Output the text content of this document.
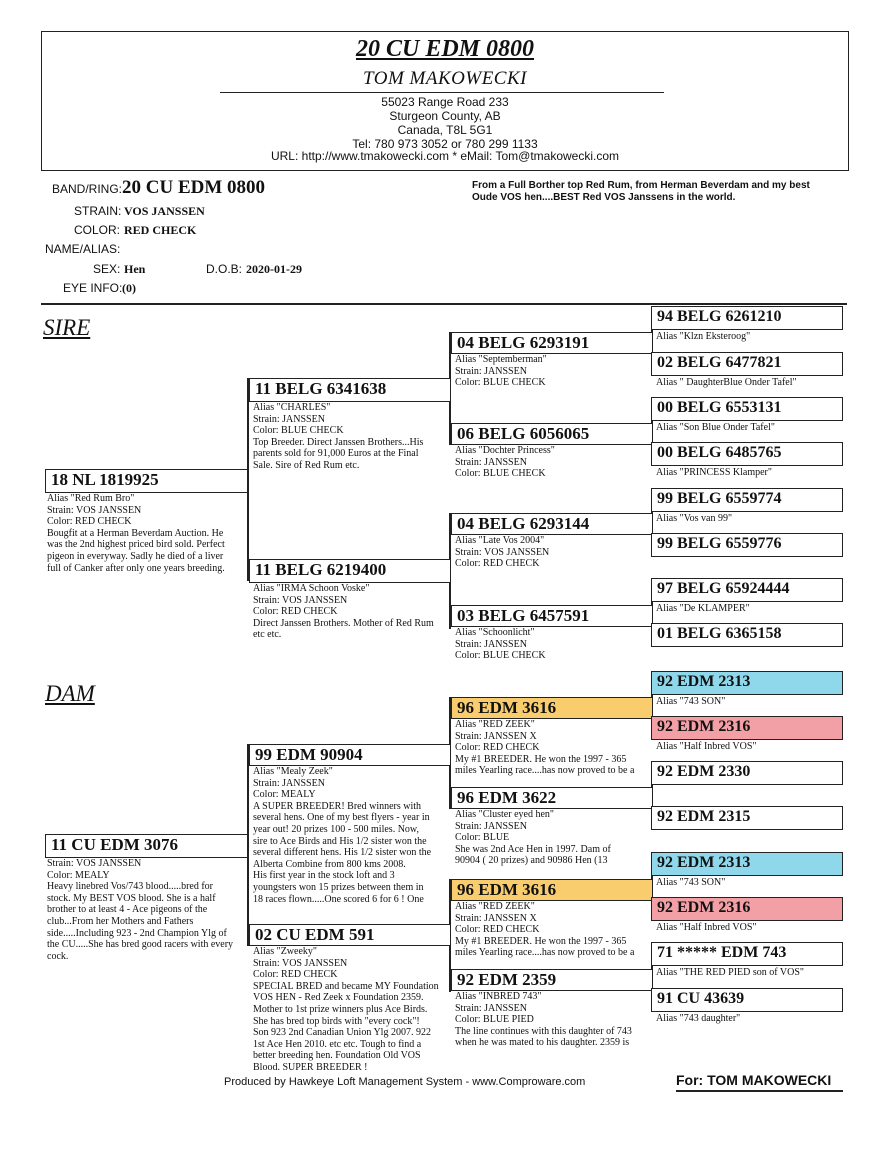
20 CU EDM 0800
TOM MAKOWECKI
55023 Range Road 233
Sturgeon County, AB
Canada, T8L 5G1
Tel: 780 973 3052 or 780 299 1133
URL: http://www.tmakowecki.com * eMail: Tom@tmakowecki.com
BAND/RING: 20 CU EDM 0800
STRAIN: VOS JANSSEN
COLOR: RED CHECK
NAME/ALIAS:
SEX: Hen	D.O.B: 2020-01-29
EYE INFO: (0)
From a Full Borther top Red Rum, from Herman Beverdam and my best Oude VOS hen....BEST Red VOS Janssens in the world.
SIRE
DAM
18 NL 1819925
Alias "Red Rum Bro"
Strain: VOS JANSSEN
Color: RED CHECK
Bougfit at a Herman Beverdam Auction. He
was the 2nd highest priced bird sold. Perfect
pigeon in everyway. Sadly he died of a liver
full of Canker after only one years breeding.
11 BELG 6341638
Alias "CHARLES"
Strain: JANSSEN
Color: BLUE CHECK
Top Breeder. Direct Janssen Brothers...His
parents sold for 91,000 Euros at the Final
Sale. Sire of Red Rum etc.
11 BELG 6219400
Alias "IRMA Schoon Voske"
Strain: VOS JANSSEN
Color: RED CHECK
Direct Janssen Brothers. Mother of Red Rum
etc etc.
04 BELG 6293191
Alias "Septemberman"
Strain: JANSSEN
Color: BLUE CHECK
06 BELG 6056065
Alias "Dochter Princess"
Strain: JANSSEN
Color: BLUE CHECK
04 BELG 6293144
Alias "Late Vos 2004"
Strain: VOS JANSSEN
Color: RED CHECK
03 BELG 6457591
Alias "Schoonlicht"
Strain: JANSSEN
Color: BLUE CHECK
94 BELG 6261210
Alias "Klzn Eksteroog"
02 BELG 6477821
Alias " DaughterBlue Onder Tafel"
00 BELG 6553131
Alias "Son Blue Onder Tafel"
00 BELG 6485765
Alias "PRINCESS Klamper"
99 BELG 6559774
Alias "Vos van 99"
99 BELG 6559776
97 BELG 65924444
Alias "De KLAMPER"
01 BELG 6365158
11 CU EDM 3076
Strain: VOS JANSSEN
Color: MEALY
Heavy linebred Vos/743 blood.....bred for
stock. My BEST VOS blood. She is a half
brother to at least 4 - Ace pigeons of the
club...From her Mothers and Fathers
side.....Including 923 - 2nd Champion Ylg of
the CU.....She has bred good racers with every
cock.
99 EDM 90904
Alias "Mealy Zeek"
Strain: JANSSEN
Color: MEALY
A SUPER BREEDER! Bred winners with
several hens. One of my best flyers - year in
year out! 20 prizes 100 - 500 miles. Now,
sire to Ace Birds and His 1/2 sister won the
several different hens. His 1/2 sister won the
Alberta Combine from 800 kms 2008.
His first year in the stock loft and 3
youngsters won 15 prizes between them in
18 races flown.....One scored 6 for 6 ! One
02 CU EDM 591
Alias "Zweeky"
Strain: VOS JANSSEN
Color: RED CHECK
SPECIAL BRED and became MY Foundation
VOS HEN - Red Zeek x Foundation 2359.
Mother to 1st prize winners plus Ace Birds.
She has bred top birds with "every cock"!
Son 923 2nd Canadian Union Ylg 2007. 922
1st Ace Hen 2010. etc etc. Tough to find a
better breeding hen. Foundation Old VOS
Blood. SUPER BREEDER !
96 EDM 3616
Alias "RED ZEEK"
Strain: JANSSEN X
Color: RED CHECK
My #1 BREEDER. He won the 1997 - 365
miles Yearling race....has now proved to be a
96 EDM 3622
Alias "Cluster eyed hen"
Strain: JANSSEN
Color: BLUE
She was 2nd Ace Hen in 1997. Dam of
90904 ( 20 prizes) and 90986 Hen (13
96 EDM 3616
Alias "RED ZEEK"
Strain: JANSSEN X
Color: RED CHECK
My #1 BREEDER. He won the 1997 - 365
miles Yearling race....has now proved to be a
92 EDM 2359
Alias "INBRED 743"
Strain: JANSSEN
Color: BLUE PIED
The line continues with this daughter of 743
when he was mated to his daughter. 2359 is
92 EDM 2313
Alias "743 SON"
92 EDM 2316
Alias "Half Inbred VOS"
92 EDM 2330
92 EDM 2315
92 EDM 2313
Alias "743 SON"
92 EDM 2316
Alias "Half Inbred VOS"
71 ***** EDM 743
Alias "THE RED PIED son of VOS"
91 CU 43639
Alias "743 daughter"
Produced by Hawkeye Loft Management System - www.Comproware.com	For: TOM MAKOWECKI
